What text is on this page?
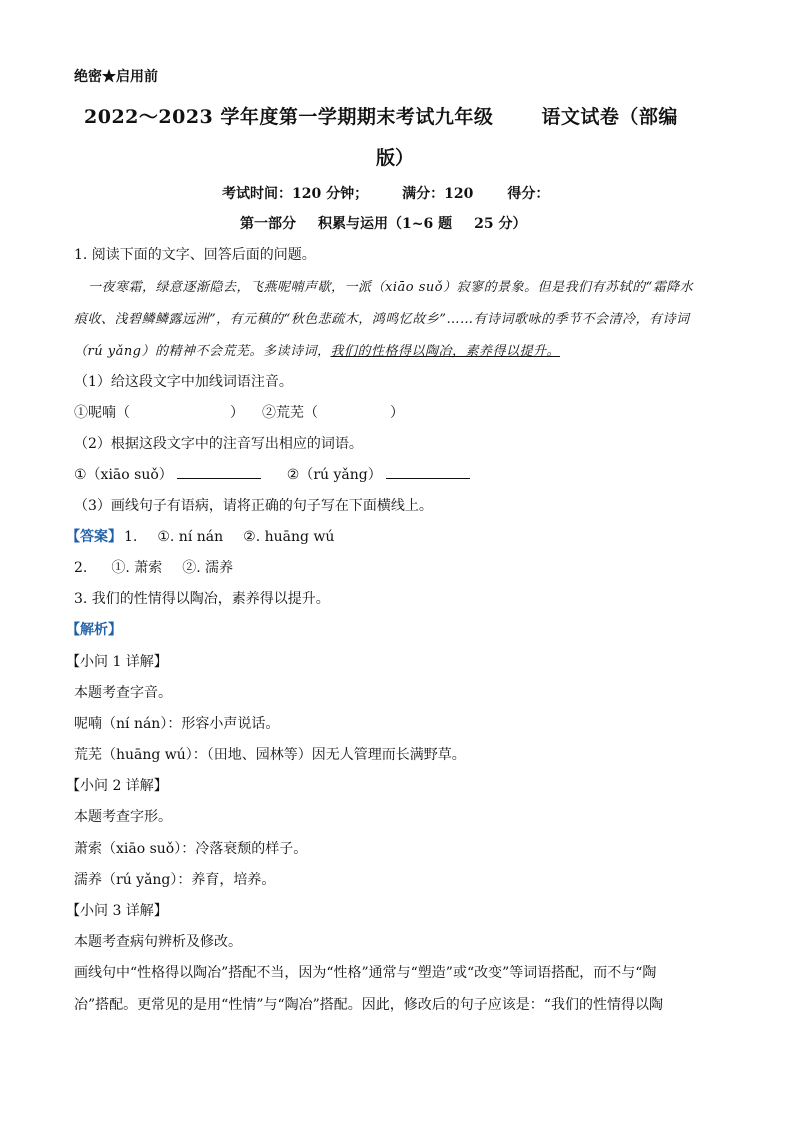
绝密★启用前
2022～2023 学年度第一学期期末考试九年级	语文试卷（部编
版）
考试时间：120 分钟； 满分：120 得分：
第一部分 积累与运用（1~6 题 25 分）
1. 阅读下面的文字、回答后面的问题。
一夜寒霜，绿意逐渐隐去，飞燕呢喃声歇，一派（xiāo suǒ）寂寥的景象。但是我们有苏轼的“霜降水
痕收、浅碧鳞鳞露远洲”，有元稹的“秋色悲疏木，鸿鸣忆故乡”……有诗词歌咏的季节不会清冷，有诗词
（rú yǎng）的精神不会荒芜。多读诗词，我们的性格得以陶冶，素养得以提升。
（1）给这段文字中加线词语注音。
①呢喃（	） ②荒芜（	）
（2）根据这段文字中的注音写出相应的词语。
①（xiāo suǒ）	②（rú yǎng）
（3）画线句子有语病，请将正确的句子写在下面横线上。
【答案】 1. ①. ní nán ②. huāng wú
2. ①. 萧索 ②. 濡养
3. 我们的性情得以陶冶，素养得以提升。
【解析】
【小问 1 详解】
本题考查字音。
呢喃（ní nán）：形容小声说话。
荒芜（huāng wú）：（田地、园林等）因无人管理而长满野草。
【小问 2 详解】
本题考查字形。
萧索（xiāo suǒ）：冷落衰颓的样子。
濡养（rú yǎng）：养育，培养。
【小问 3 详解】
本题考查病句辨析及修改。
画线句中“性格得以陶冶”搭配不当，因为“性格”通常与“塑造”或“改变”等词语搭配，而不与“陶
冶”搭配。更常见的是用“性情”与“陶冶”搭配。因此，修改后的句子应该是：“我们的性情得以陶
